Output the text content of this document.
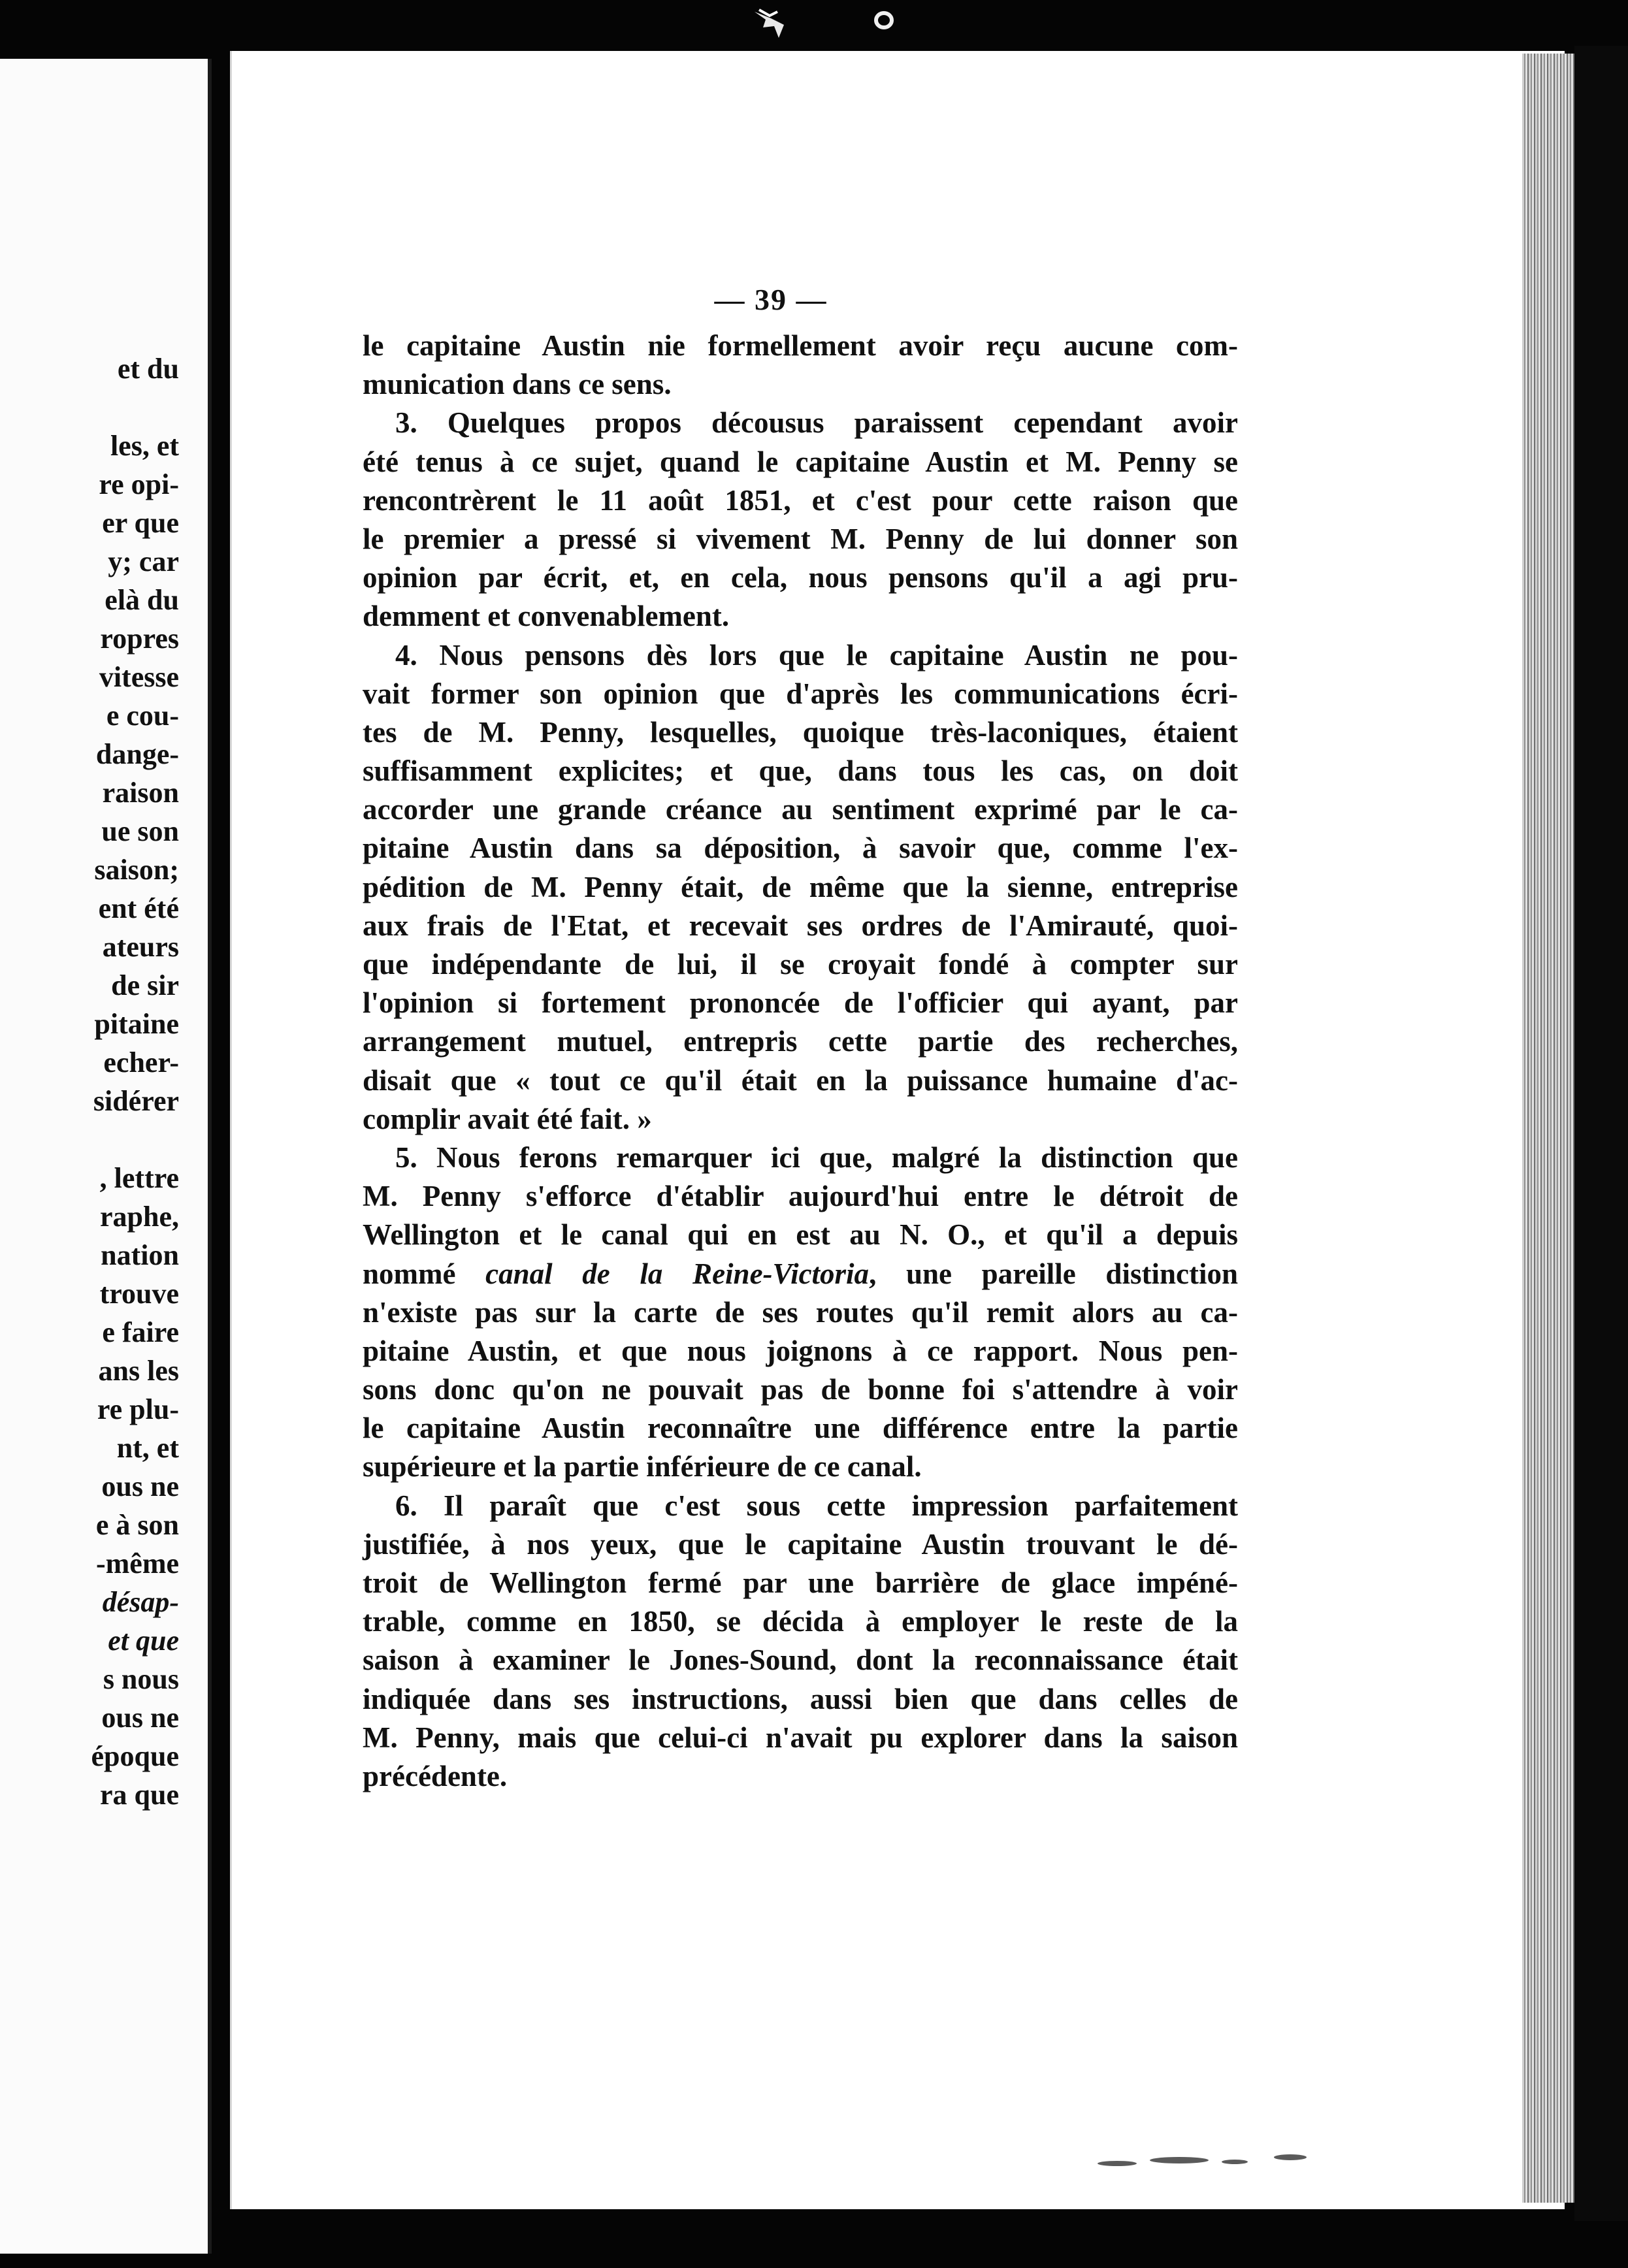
et du
les, et
re opi-
er que
y; car
elà du
ropres
vitesse
e cou-
dange-
raison
ue son
saison;
ent été
ateurs
de sir
pitaine
echer-
sidérer
, lettre
raphe,
nation
trouve
e faire
ans les
re plu-
nt, et
ous ne
e à son
-même
désap-
et que
s nous
ous ne
époque
ra que
— 39 —
le capitaine Austin nie formellement avoir reçu aucune com-
munication dans ce sens.
3. Quelques propos décousus paraissent cependant avoir
été tenus à ce sujet, quand le capitaine Austin et M. Penny se
rencontrèrent le 11 août 1851, et c'est pour cette raison que
le premier a pressé si vivement M. Penny de lui donner son
opinion par écrit, et, en cela, nous pensons qu'il a agi pru-
demment et convenablement.
4. Nous pensons dès lors que le capitaine Austin ne pou-
vait former son opinion que d'après les communications écri-
tes de M. Penny, lesquelles, quoique très-laconiques, étaient
suffisamment explicites; et que, dans tous les cas, on doit
accorder une grande créance au sentiment exprimé par le ca-
pitaine Austin dans sa déposition, à savoir que, comme l'ex-
pédition de M. Penny était, de même que la sienne, entreprise
aux frais de l'Etat, et recevait ses ordres de l'Amirauté, quoi-
que indépendante de lui, il se croyait fondé à compter sur
l'opinion si fortement prononcée de l'officier qui ayant, par
arrangement mutuel, entrepris cette partie des recherches,
disait que « tout ce qu'il était en la puissance humaine d'ac-
complir avait été fait. »
5. Nous ferons remarquer ici que, malgré la distinction que
M. Penny s'efforce d'établir aujourd'hui entre le détroit de
Wellington et le canal qui en est au N. O., et qu'il a depuis
nommé canal de la Reine-Victoria, une pareille distinction
n'existe pas sur la carte de ses routes qu'il remit alors au ca-
pitaine Austin, et que nous joignons à ce rapport. Nous pen-
sons donc qu'on ne pouvait pas de bonne foi s'attendre à voir
le capitaine Austin reconnaître une différence entre la partie
supérieure et la partie inférieure de ce canal.
6. Il paraît que c'est sous cette impression parfaitement
justifiée, à nos yeux, que le capitaine Austin trouvant le dé-
troit de Wellington fermé par une barrière de glace impéné-
trable, comme en 1850, se décida à employer le reste de la
saison à examiner le Jones-Sound, dont la reconnaissance était
indiquée dans ses instructions, aussi bien que dans celles de
M. Penny, mais que celui-ci n'avait pu explorer dans la saison
précédente.
